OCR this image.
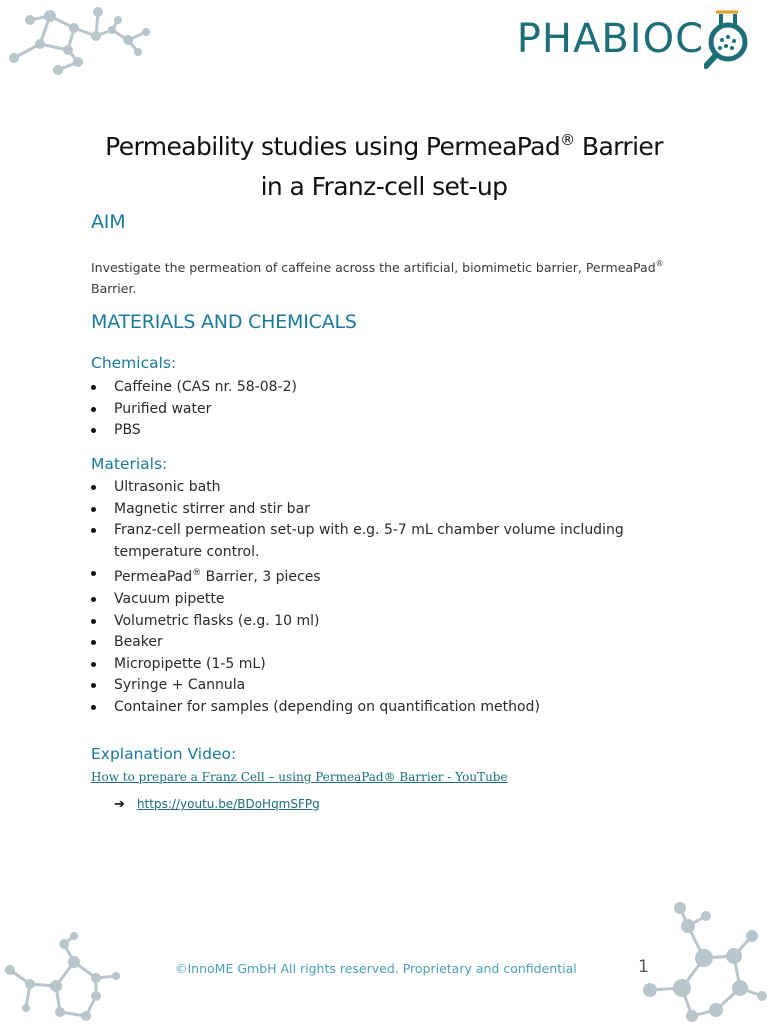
PHABIOC
Permeability studies using PermeaPad® Barrier
in a Franz-cell set-up
AIM
Investigate the permeation of caffeine across the artificial, biomimetic barrier, PermeaPad®
Barrier.
MATERIALS AND CHEMICALS
Chemicals:
Caffeine (CAS nr. 58-08-2)
Purified water
PBS
Materials:
Ultrasonic bath
Magnetic stirrer and stir bar
Franz-cell permeation set-up with e.g. 5-7 mL chamber volume including temperature control.
PermeaPad® Barrier, 3 pieces
Vacuum pipette
Volumetric flasks (e.g. 10 ml)
Beaker
Micropipette (1-5 mL)
Syringe + Cannula
Container for samples (depending on quantification method)
Explanation Video:
How to prepare a Franz Cell – using PermeaPad® Barrier - YouTube
➔ https://youtu.be/BDoHqmSFPg
©InnoME GmbH All rights reserved. Proprietary and confidential	1
